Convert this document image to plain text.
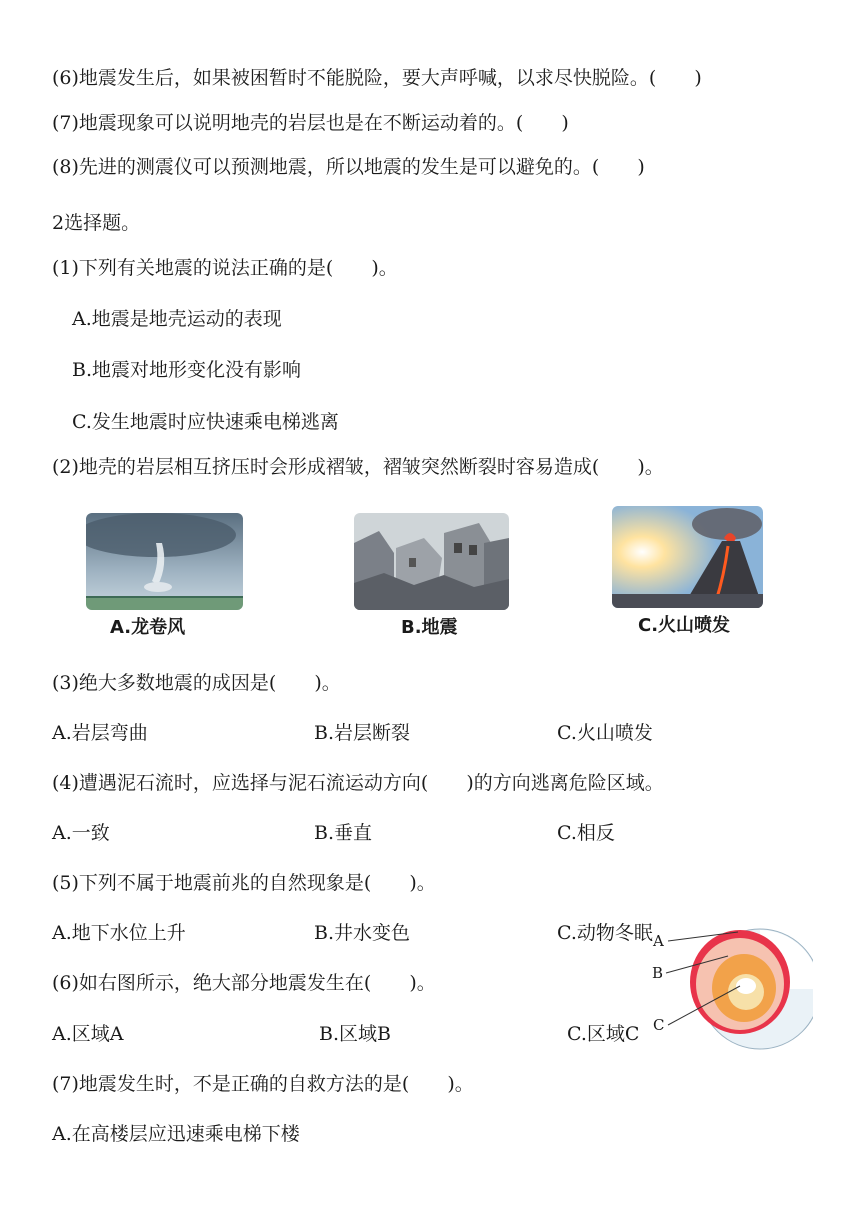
(6)地震发生后，如果被困暂时不能脱险，要大声呼喊，以求尽快脱险。(　　)
(7)地震现象可以说明地壳的岩层也是在不断运动着的。(　　)
(8)先进的测震仪可以预测地震，所以地震的发生是可以避免的。(　　)
2选择题。
(1)下列有关地震的说法正确的是(　　)。
A.地震是地壳运动的表现
B.地震对地形变化没有影响
C.发生地震时应快速乘电梯逃离
(2)地壳的岩层相互挤压时会形成褶皱，褶皱突然断裂时容易造成(　　)。
A.龙卷风	B.地震	C.火山喷发
(3)绝大多数地震的成因是(　　)。
A.岩层弯曲	B.岩层断裂	C.火山喷发
(4)遭遇泥石流时，应选择与泥石流运动方向(　　)的方向逃离危险区域。
A.一致	B.垂直	C.相反
(5)下列不属于地震前兆的自然现象是(　　)。
A.地下水位上升	B.井水变色	C.动物冬眠
(6)如右图所示，绝大部分地震发生在(　　)。
A.区域A	B.区域B	C.区域C
A
B
C
(7)地震发生时，不是正确的自救方法的是(　　)。
A.在高楼层应迅速乘电梯下楼
